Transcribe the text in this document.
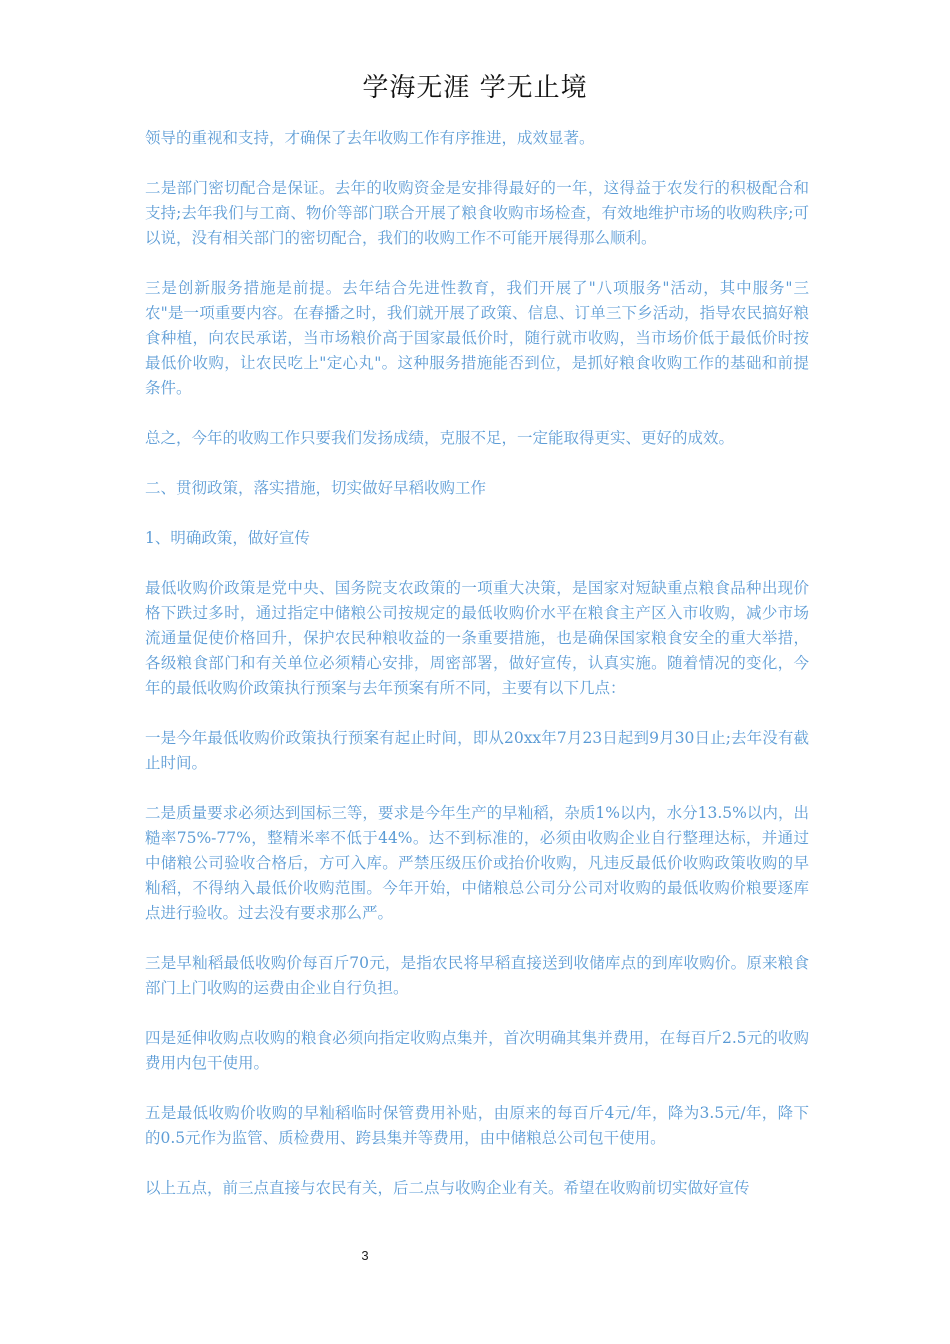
学海无涯 学无止境

领导的重视和支持，才确保了去年收购工作有序推进，成效显著。

二是部门密切配合是保证。去年的收购资金是安排得最好的一年，这得益于农发行的积极配合和支持;去年我们与工商、物价等部门联合开展了粮食收购市场检查，有效地维护市场的收购秩序;可以说，没有相关部门的密切配合，我们的收购工作不可能开展得那么顺利。

三是创新服务措施是前提。去年结合先进性教育，我们开展了"八项服务"活动，其中服务"三农"是一项重要内容。在春播之时，我们就开展了政策、信息、订单三下乡活动，指导农民搞好粮食种植，向农民承诺，当市场粮价高于国家最低价时，随行就市收购，当市场价低于最低价时按最低价收购，让农民吃上"定心丸"。这种服务措施能否到位，是抓好粮食收购工作的基础和前提条件。

总之，今年的收购工作只要我们发扬成绩，克服不足，一定能取得更实、更好的成效。

二、贯彻政策，落实措施，切实做好早稻收购工作

1、明确政策，做好宣传

最低收购价政策是党中央、国务院支农政策的一项重大决策，是国家对短缺重点粮食品种出现价格下跌过多时，通过指定中储粮公司按规定的最低收购价水平在粮食主产区入市收购，减少市场流通量促使价格回升，保护农民种粮收益的一条重要措施，也是确保国家粮食安全的重大举措，各级粮食部门和有关单位必须精心安排，周密部署，做好宣传，认真实施。随着情况的变化，今年的最低收购价政策执行预案与去年预案有所不同，主要有以下几点：

一是今年最低收购价政策执行预案有起止时间，即从20xx年7月23日起到9月30日止;去年没有截止时间。

二是质量要求必须达到国标三等，要求是今年生产的早籼稻，杂质1%以内，水分13.5%以内，出糙率75%-77%，整精米率不低于44%。达不到标准的，必须由收购企业自行整理达标，并通过中储粮公司验收合格后，方可入库。严禁压级压价或抬价收购，凡违反最低价收购政策收购的早籼稻，不得纳入最低价收购范围。今年开始，中储粮总公司分公司对收购的最低收购价粮要逐库点进行验收。过去没有要求那么严。

三是早籼稻最低收购价每百斤70元，是指农民将早稻直接送到收储库点的到库收购价。原来粮食部门上门收购的运费由企业自行负担。

四是延伸收购点收购的粮食必须向指定收购点集并，首次明确其集并费用，在每百斤2.5元的收购费用内包干使用。

五是最低收购价收购的早籼稻临时保管费用补贴，由原来的每百斤4元/年，降为3.5元/年，降下的0.5元作为监管、质检费用、跨县集并等费用，由中储粮总公司包干使用。

以上五点，前三点直接与农民有关，后二点与收购企业有关。希望在收购前切实做好宣传

3
